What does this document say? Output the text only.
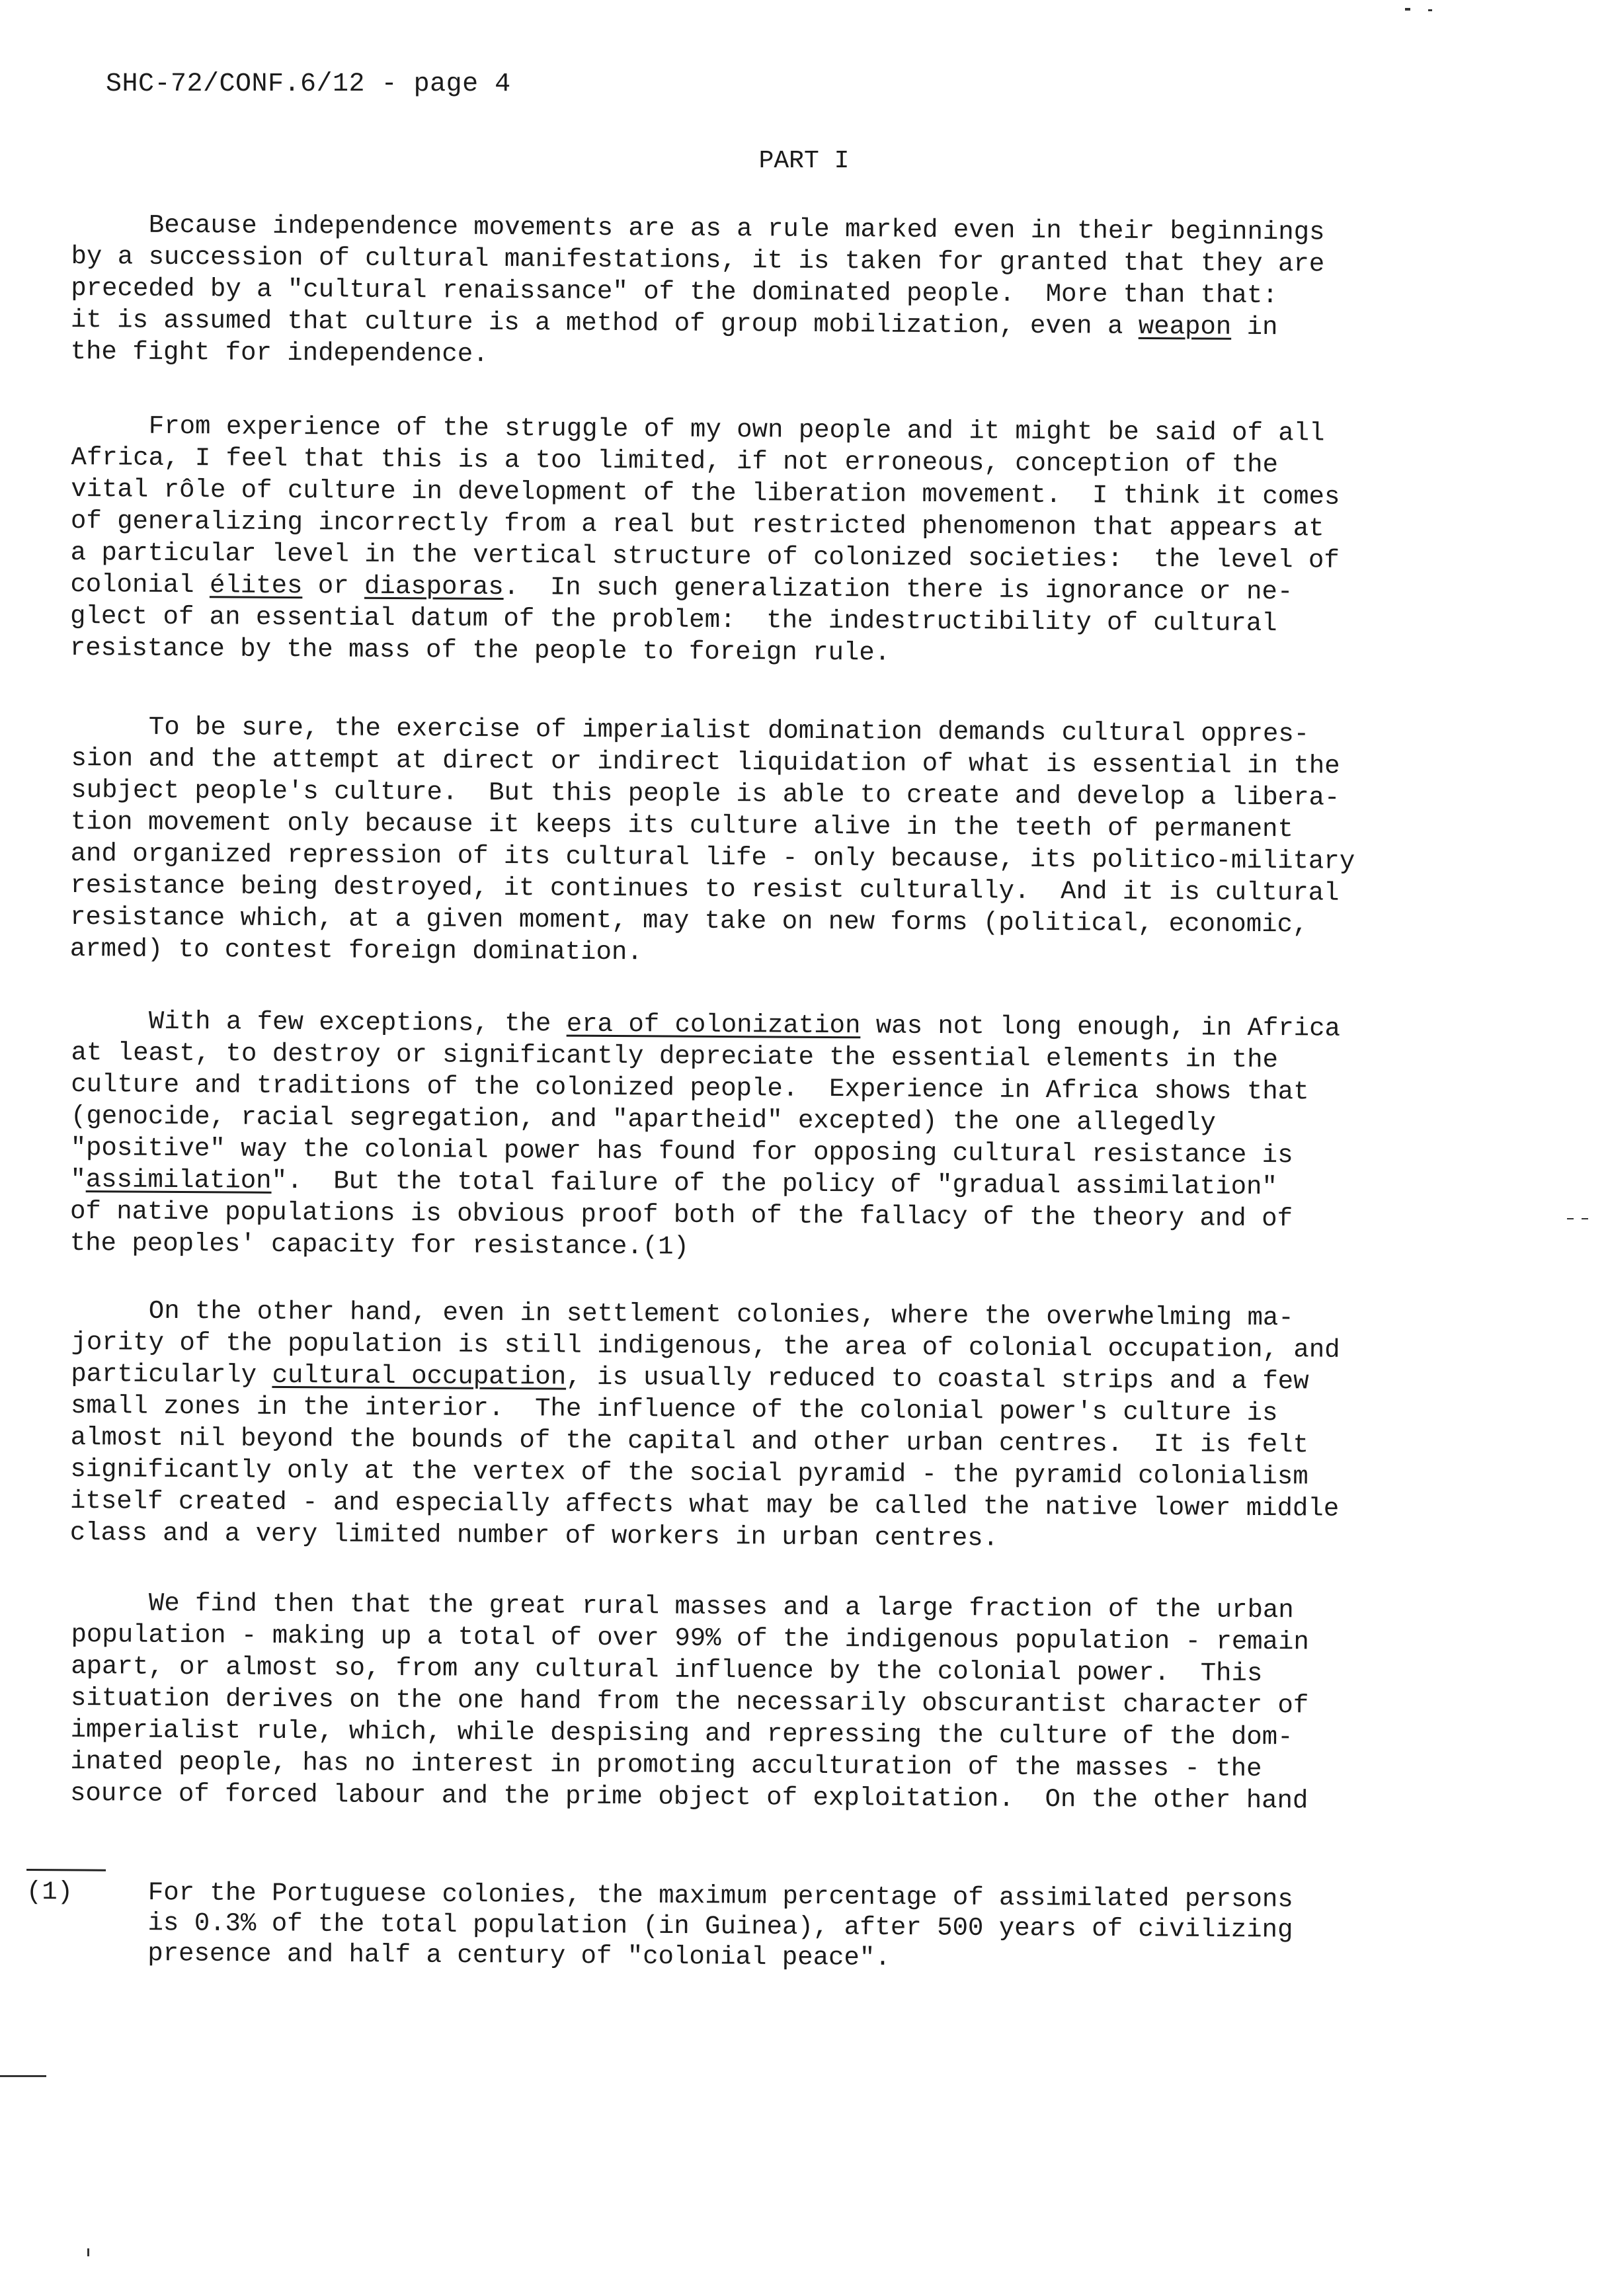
SHC-72/CONF.6/12 - page 4
PART I
Because independence movements are as a rule marked even in their beginnings
by a succession of cultural manifestations, it is taken for granted that they are
preceded by a "cultural renaissance" of the dominated people.  More than that:
it is assumed that culture is a method of group mobilization, even a weapon in
the fight for independence.
From experience of the struggle of my own people and it might be said of all
Africa, I feel that this is a too limited, if not erroneous, conception of the
vital rôle of culture in development of the liberation movement.  I think it comes
of generalizing incorrectly from a real but restricted phenomenon that appears at
a particular level in the vertical structure of colonized societies:  the level of
colonial élites or diasporas.  In such generalization there is ignorance or ne-
glect of an essential datum of the problem:  the indestructibility of cultural
resistance by the mass of the people to foreign rule.
To be sure, the exercise of imperialist domination demands cultural oppres-
sion and the attempt at direct or indirect liquidation of what is essential in the
subject people's culture.  But this people is able to create and develop a libera-
tion movement only because it keeps its culture alive in the teeth of permanent
and organized repression of its cultural life - only because, its politico-military
resistance being destroyed, it continues to resist culturally.  And it is cultural
resistance which, at a given moment, may take on new forms (political, economic,
armed) to contest foreign domination.
With a few exceptions, the era of colonization was not long enough, in Africa
at least, to destroy or significantly depreciate the essential elements in the
culture and traditions of the colonized people.  Experience in Africa shows that
(genocide, racial segregation, and "apartheid" excepted) the one allegedly
"positive" way the colonial power has found for opposing cultural resistance is
"assimilation".  But the total failure of the policy of "gradual assimilation"
of native populations is obvious proof both of the fallacy of the theory and of
the peoples' capacity for resistance.(1)
On the other hand, even in settlement colonies, where the overwhelming ma-
jority of the population is still indigenous, the area of colonial occupation, and
particularly cultural occupation, is usually reduced to coastal strips and a few
small zones in the interior.  The influence of the colonial power's culture is
almost nil beyond the bounds of the capital and other urban centres.  It is felt
significantly only at the vertex of the social pyramid - the pyramid colonialism
itself created - and especially affects what may be called the native lower middle
class and a very limited number of workers in urban centres.
We find then that the great rural masses and a large fraction of the urban
population - making up a total of over 99% of the indigenous population - remain
apart, or almost so, from any cultural influence by the colonial power.  This
situation derives on the one hand from the necessarily obscurantist character of
imperialist rule, which, while despising and repressing the culture of the dom-
inated people, has no interest in promoting acculturation of the masses - the
source of forced labour and the prime object of exploitation.  On the other hand
(1)	For the Portuguese colonies, the maximum percentage of assimilated persons
is 0.3% of the total population (in Guinea), after 500 years of civilizing
presence and half a century of "colonial peace".
